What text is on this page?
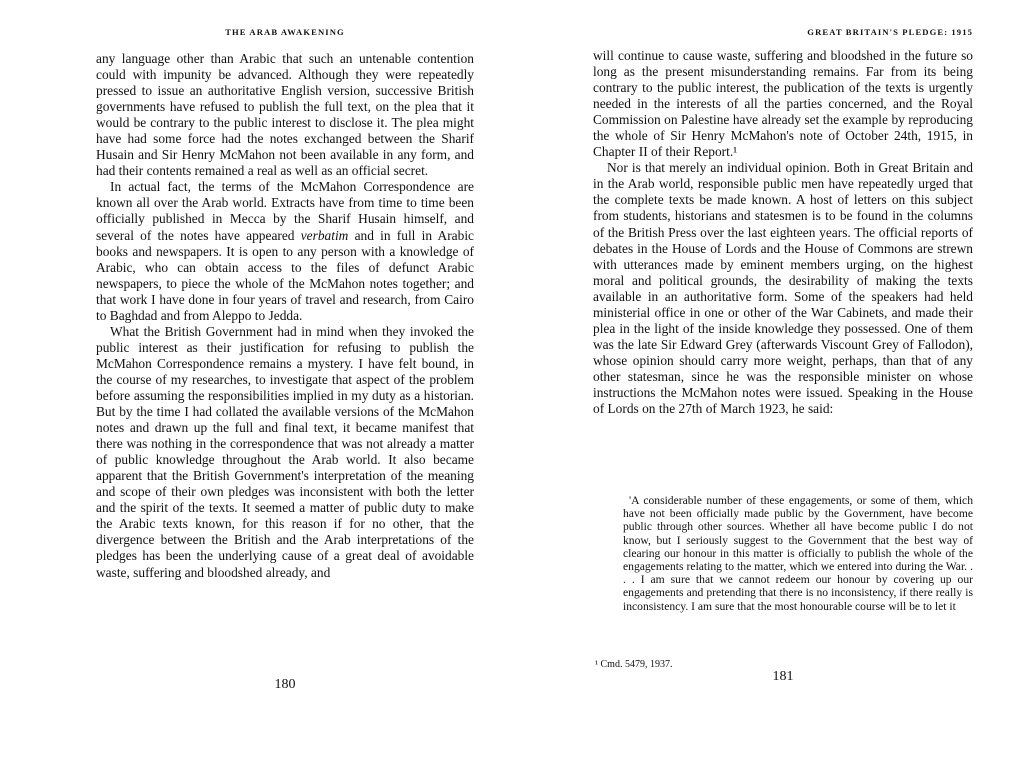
THE ARAB AWAKENING

any language other than Arabic that such an untenable contention could with impunity be advanced. Although they were repeatedly pressed to issue an authoritative English version, successive British governments have refused to publish the full text, on the plea that it would be contrary to the public interest to disclose it. The plea might have had some force had the notes exchanged between the Sharif Husain and Sir Henry McMahon not been available in any form, and had their contents remained a real as well as an official secret.

In actual fact, the terms of the McMahon Correspondence are known all over the Arab world. Extracts have from time to time been officially published in Mecca by the Sharif Husain himself, and several of the notes have appeared verbatim and in full in Arabic books and newspapers. It is open to any person with a knowledge of Arabic, who can obtain access to the files of defunct Arabic newspapers, to piece the whole of the McMahon notes together; and that work I have done in four years of travel and research, from Cairo to Baghdad and from Aleppo to Jedda.

What the British Government had in mind when they invoked the public interest as their justification for refusing to publish the McMahon Correspondence remains a mystery. I have felt bound, in the course of my researches, to investigate that aspect of the problem before assuming the responsibilities implied in my duty as a historian. But by the time I had collated the available versions of the McMahon notes and drawn up the full and final text, it became manifest that there was nothing in the correspondence that was not already a matter of public knowledge throughout the Arab world. It also became apparent that the British Government's interpretation of the meaning and scope of their own pledges was inconsistent with both the letter and the spirit of the texts. It seemed a matter of public duty to make the Arabic texts known, for this reason if for no other, that the divergence between the British and the Arab interpretations of the pledges has been the underlying cause of a great deal of avoidable waste, suffering and bloodshed already, and

180
GREAT BRITAIN'S PLEDGE: 1915

will continue to cause waste, suffering and bloodshed in the future so long as the present misunderstanding remains. Far from its being contrary to the public interest, the publication of the texts is urgently needed in the interests of all the parties concerned, and the Royal Commission on Palestine have already set the example by reproducing the whole of Sir Henry McMahon's note of October 24th, 1915, in Chapter II of their Report.¹

Nor is that merely an individual opinion. Both in Great Britain and in the Arab world, responsible public men have repeatedly urged that the complete texts be made known. A host of letters on this subject from students, historians and statesmen is to be found in the columns of the British Press over the last eighteen years. The official reports of debates in the House of Lords and the House of Commons are strewn with utterances made by eminent members urging, on the highest moral and political grounds, the desirability of making the texts available in an authoritative form. Some of the speakers had held ministerial office in one or other of the War Cabinets, and made their plea in the light of the inside knowledge they possessed. One of them was the late Sir Edward Grey (afterwards Viscount Grey of Fallodon), whose opinion should carry more weight, perhaps, than that of any other statesman, since he was the responsible minister on whose instructions the McMahon notes were issued. Speaking in the House of Lords on the 27th of March 1923, he said:

'A considerable number of these engagements, or some of them, which have not been officially made public by the Government, have become public through other sources. Whether all have become public I do not know, but I seriously suggest to the Government that the best way of clearing our honour in this matter is officially to publish the whole of the engagements relating to the matter, which we entered into during the War. . . . I am sure that we cannot redeem our honour by covering up our engagements and pretending that there is no inconsistency, if there really is inconsistency. I am sure that the most honourable course will be to let it

¹ Cmd. 5479, 1937.
181
